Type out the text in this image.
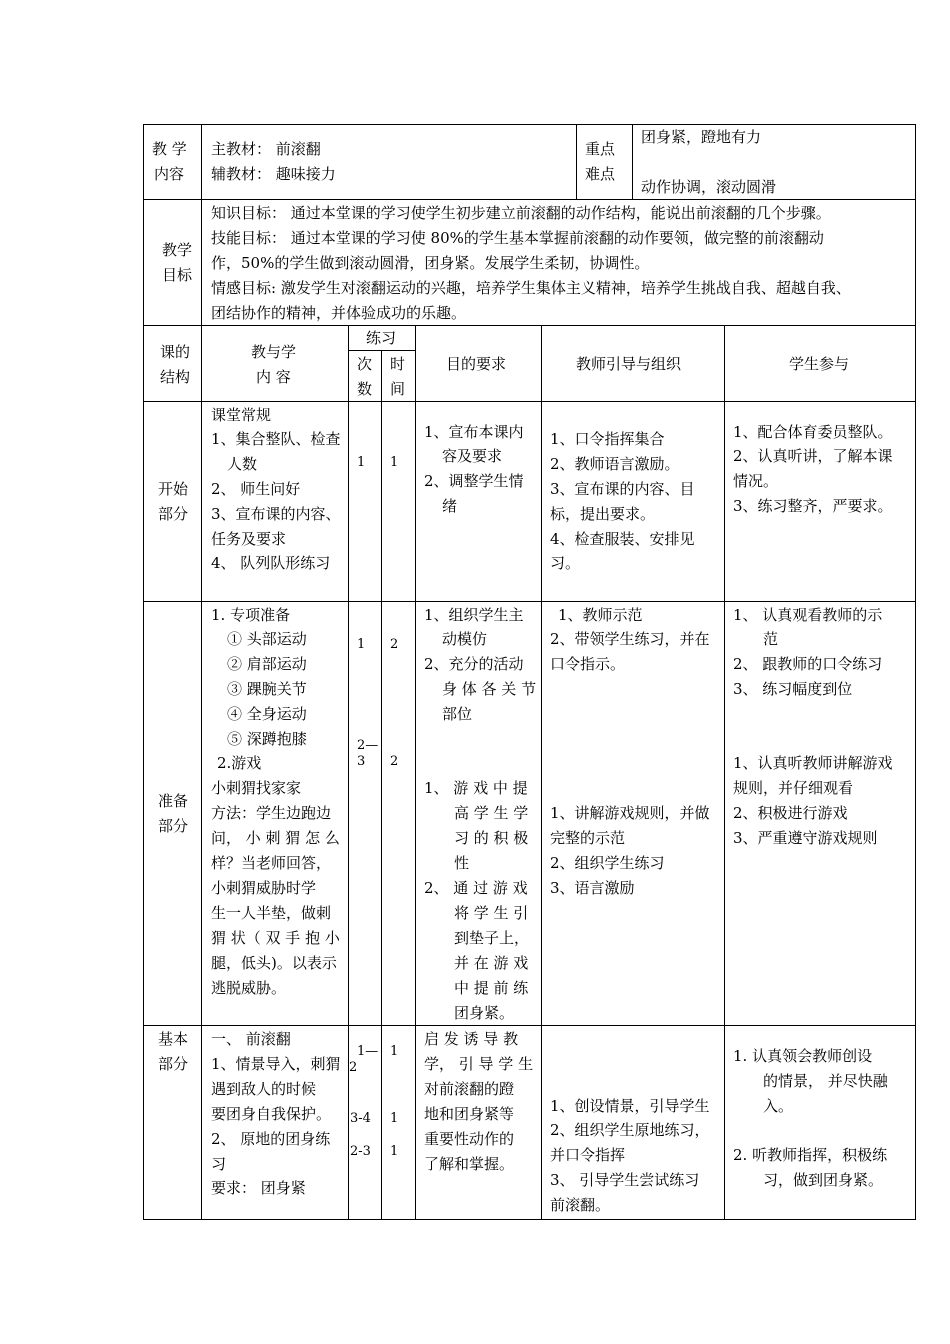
教 学
内容
主教材： 前滚翻
辅教材： 趣味接力
重点
难点
团身紧，蹬地有力
动作协调，滚动圆滑
教学
目标
知识目标： 通过本堂课的学习使学生初步建立前滚翻的动作结构，能说出前滚翻的几个步骤。
技能目标： 通过本堂课的学习使 80%的学生基本掌握前滚翻的动作要领，做完整的前滚翻动
作，50%的学生做到滚动圆滑，团身紧。发展学生柔韧，协调性。
情感目标: 激发学生对滚翻运动的兴趣，培养学生集体主义精神，培养学生挑战自我、超越自我、
团结协作的精神，并体验成功的乐趣。
课的
结构
教与学
内 容
练习
次
数
时
间
目的要求	教师引导与组织	学生参与
开始
部分
课堂常规
1、集合整队、检查
人数
2、 师生问好
3、宣布课的内容、
任务及要求
4、 队列队形练习
1 1
1、宣布本课内
容及要求
2、调整学生情
绪
1、口令指挥集合
2、教师语言激励。
3、宣布课的内容、目
标，提出要求。
4、检查服装、安排见
习。
1、配合体育委员整队。
2、认真听讲，了解本课
情况。
3、练习整齐，严要求。
准备
部分
1. 专项准备
① 头部运动
② 肩部运动
③ 踝腕关节
④ 全身运动
⑤ 深蹲抱膝
2.游戏
小刺猬找家家
方法：学生边跑边
问， 小 刺 猬 怎 么
样？当老师回答，
小刺猬威胁时学
生一人半垫，做刺
猬 状（ 双 手 抱 小
腿，低头)。以表示
逃脱威胁。
1 2
2—
3 2
1、组织学生主
动模仿
2、充分的活动
身 体 各 关 节
部位
1、 游 戏 中 提
高 学 生 学
习 的 积 极
性
2、 通 过 游 戏
将 学 生 引
到垫子上，
并 在 游 戏
中 提 前 练
团身紧。
1、教师示范
2、带领学生练习，并在
口令指示。
1、讲解游戏规则，并做
完整的示范
2、组织学生练习
3、语言激励
1、 认真观看教师的示
范
2、 跟教师的口令练习
3、 练习幅度到位
1、认真听教师讲解游戏
规则，并仔细观看
2、积极进行游戏
3、严重遵守游戏规则
基本
部分
一、 前滚翻
1、情景导入，刺猬
遇到敌人的时候
要团身自我保护。
2、 原地的团身练
习
要求： 团身紧
1—
2
3-4
2-3
1
1
1
启 发 诱 导 教
学， 引 导 学 生
对前滚翻的蹬
地和团身紧等
重要性动作的
了解和掌握。
1、创设情景，引导学生
2、组织学生原地练习，
并口令指挥
3、 引导学生尝试练习
前滚翻。
1. 认真领会教师创设
的情景， 并尽快融
入。
2. 听教师指挥，积极练
习，做到团身紧。
